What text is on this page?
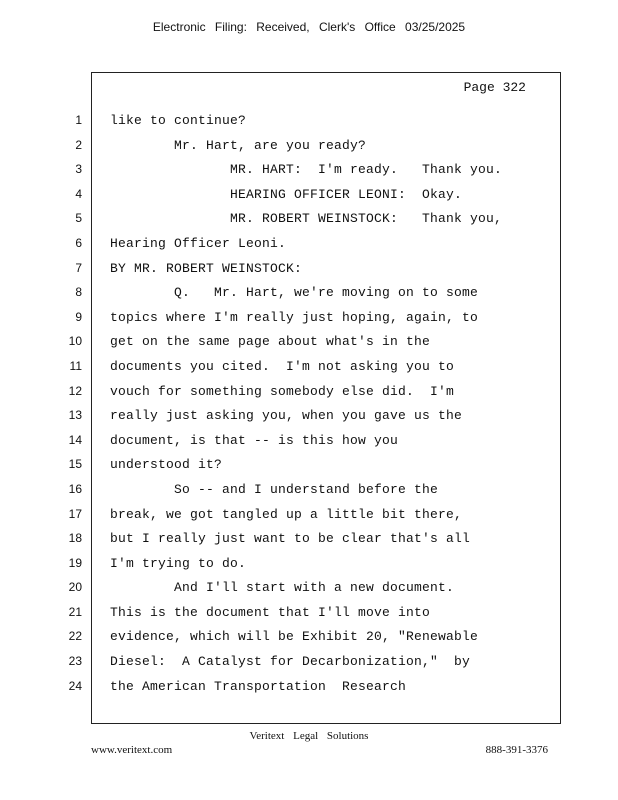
Electronic Filing: Received, Clerk's Office 03/25/2025
Page 322
1 like to continue?
2 Mr. Hart, are you ready?
3 MR. HART:  I'm ready.   Thank you.
4 HEARING OFFICER LEONI:  Okay.
5 MR. ROBERT WEINSTOCK:   Thank you,
6 Hearing Officer Leoni.
7 BY MR. ROBERT WEINSTOCK:
8 Q.   Mr. Hart, we're moving on to some
9 topics where I'm really just hoping, again, to
10 get on the same page about what's in the
11 documents you cited.  I'm not asking you to
12 vouch for something somebody else did.  I'm
13 really just asking you, when you gave us the
14 document, is that -- is this how you
15 understood it?
16 So -- and I understand before the
17 break, we got tangled up a little bit there,
18 but I really just want to be clear that's all
19 I'm trying to do.
20 And I'll start with a new document.
21 This is the document that I'll move into
22 evidence, which will be Exhibit 20, "Renewable
23 Diesel:  A Catalyst for Decarbonization,"  by
24 the American Transportation  Research
Veritext Legal Solutions
www.veritext.com	888-391-3376
